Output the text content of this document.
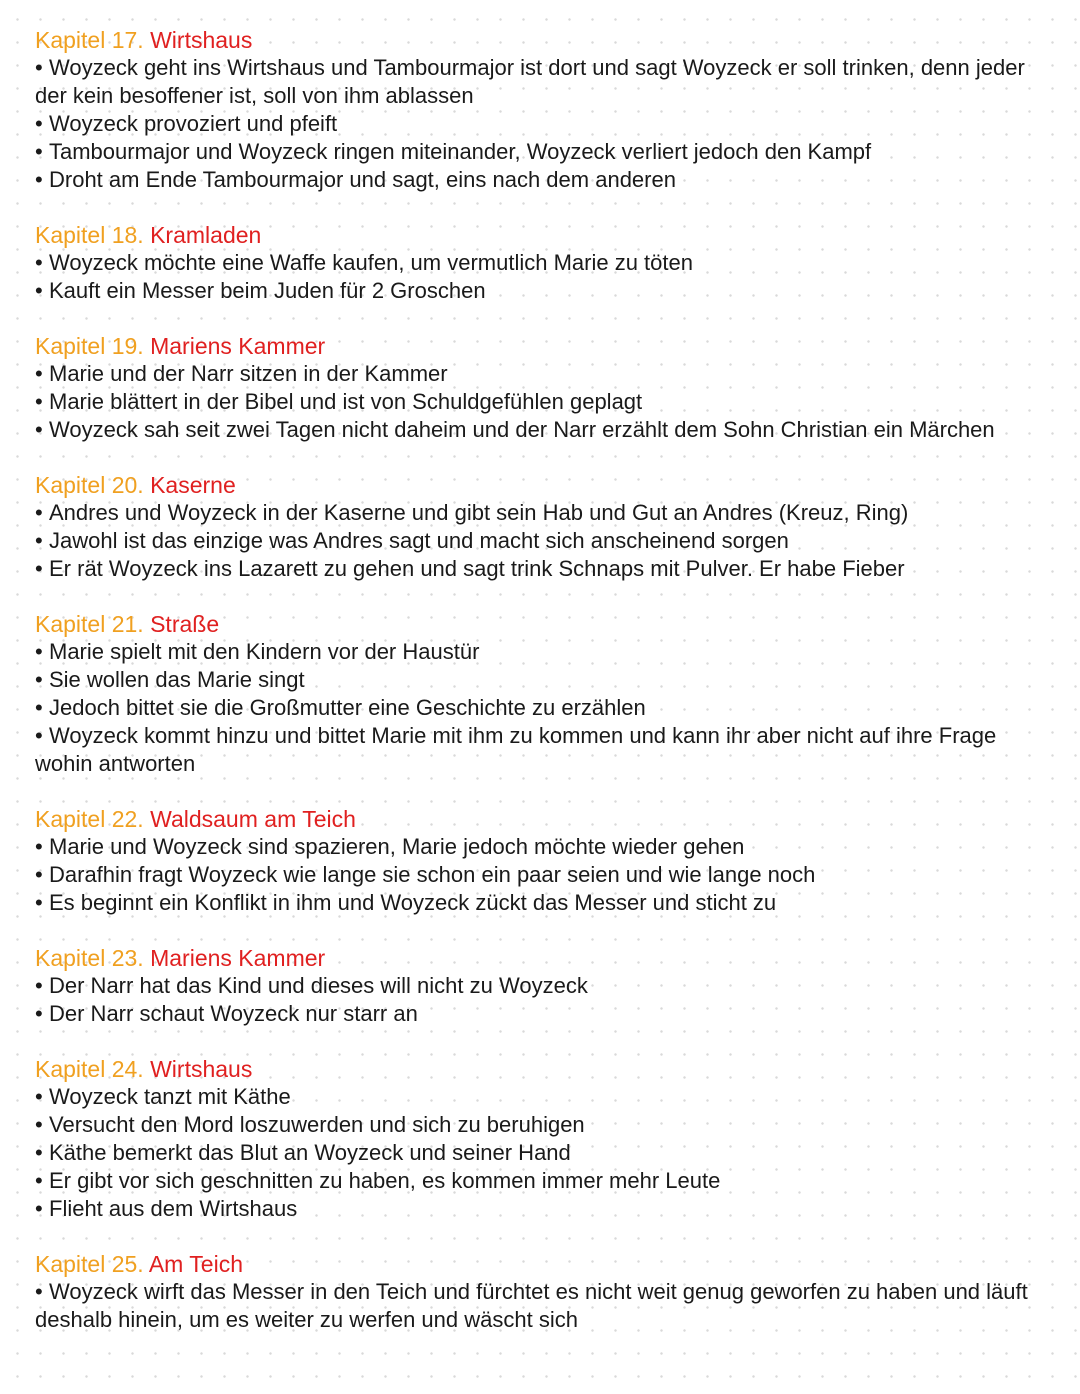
Kapitel 17. Wirtshaus
• Woyzeck geht ins Wirtshaus und Tambourmajor ist dort und sagt Woyzeck er soll trinken, denn jeder der kein besoffener ist, soll von ihm ablassen
• Woyzeck provoziert und pfeift
• Tambourmajor und Woyzeck ringen miteinander, Woyzeck verliert jedoch den Kampf
• Droht am Ende Tambourmajor und sagt, eins nach dem anderen
Kapitel 18. Kramladen
• Woyzeck möchte eine Waffe kaufen, um vermutlich Marie zu töten
• Kauft ein Messer beim Juden für 2 Groschen
Kapitel 19. Mariens Kammer
• Marie und der Narr sitzen in der Kammer
• Marie blättert in der Bibel und ist von Schuldgefühlen geplagt
• Woyzeck sah seit zwei Tagen nicht daheim und der Narr erzählt dem Sohn Christian ein Märchen
Kapitel 20. Kaserne
• Andres und Woyzeck in der Kaserne und gibt sein Hab und Gut an Andres (Kreuz, Ring)
• Jawohl ist das einzige was Andres sagt und macht sich anscheinend sorgen
• Er rät Woyzeck ins Lazarett zu gehen und sagt trink Schnaps mit Pulver. Er habe Fieber
Kapitel 21. Straße
• Marie spielt mit den Kindern vor der Haustür
• Sie wollen das Marie singt
• Jedoch bittet sie die Großmutter eine Geschichte zu erzählen
• Woyzeck kommt hinzu und bittet Marie mit ihm zu kommen und kann ihr aber nicht auf ihre Frage wohin antworten
Kapitel 22. Waldsaum am Teich
• Marie und Woyzeck sind spazieren, Marie jedoch möchte wieder gehen
• Darafhin fragt Woyzeck wie lange sie schon ein paar seien und wie lange noch
• Es beginnt ein Konflikt in ihm und Woyzeck zückt das Messer und sticht zu
Kapitel 23. Mariens Kammer
• Der Narr hat das Kind und dieses will nicht zu Woyzeck
• Der Narr schaut Woyzeck nur starr an
Kapitel 24. Wirtshaus
• Woyzeck tanzt mit Käthe
• Versucht den Mord loszuwerden und sich zu beruhigen
• Käthe bemerkt das Blut an Woyzeck und seiner Hand
• Er gibt vor sich geschnitten zu haben, es kommen immer mehr Leute
• Flieht aus dem Wirtshaus
Kapitel 25. Am Teich
• Woyzeck wirft das Messer in den Teich und fürchtet es nicht weit genug geworfen zu haben und läuft deshalb hinein, um es weiter zu werfen und wäscht sich
